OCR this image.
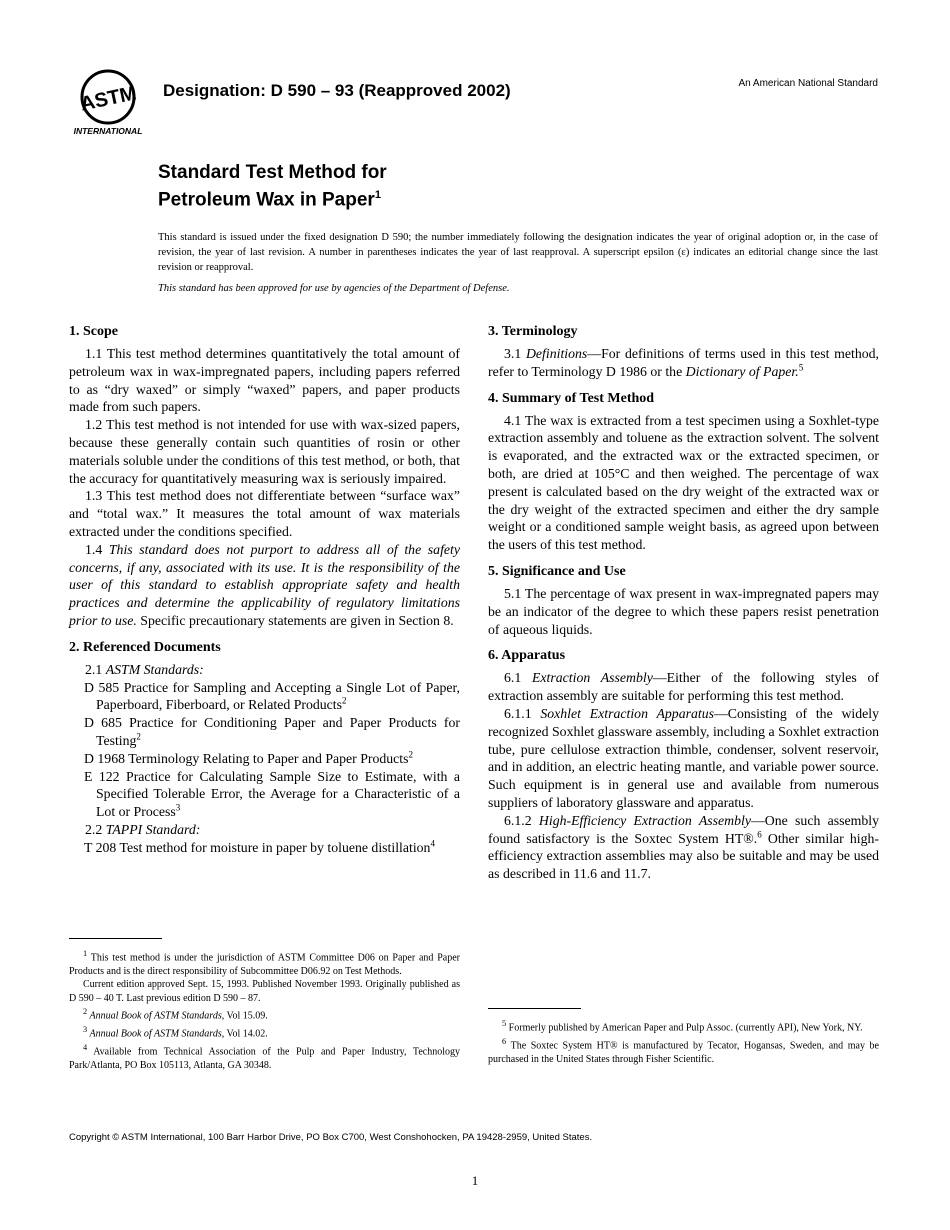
ASTM
INTERNATIONAL
Designation: D 590 – 93 (Reapproved 2002)	An American National Standard
Standard Test Method for
Petroleum Wax in Paper$^1$

This standard is issued under the fixed designation D 590; the number immediately following the designation indicates the year of original adoption or, in the case of revision, the year of last revision. A number in parentheses indicates the year of last reapproval. A superscript epsilon (ε) indicates an editorial change since the last revision or reapproval.

This standard has been approved for use by agencies of the Department of Defense.

1. Scope

1.1 This test method determines quantitatively the total amount of petroleum wax in wax-impregnated papers, including papers referred to as “dry waxed” or simply “waxed” papers, and paper products made from such papers.

1.2 This test method is not intended for use with wax-sized papers, because these generally contain such quantities of rosin or other materials soluble under the conditions of this test method, or both, that the accuracy for quantitatively measuring wax is seriously impaired.

1.3 This test method does not differentiate between “surface wax” and “total wax.” It measures the total amount of wax materials extracted under the conditions specified.

1.4 This standard does not purport to address all of the safety concerns, if any, associated with its use. It is the responsibility of the user of this standard to establish appropriate safety and health practices and determine the applicability of regulatory limitations prior to use. Specific precautionary statements are given in Section 8.

2. Referenced Documents

2.1 ASTM Standards:

D 585 Practice for Sampling and Accepting a Single Lot of Paper, Paperboard, Fiberboard, or Related Products$^2$

D 685 Practice for Conditioning Paper and Paper Products for Testing$^2$

D 1968 Terminology Relating to Paper and Paper Products$^2$

E 122 Practice for Calculating Sample Size to Estimate, with a Specified Tolerable Error, the Average for a Characteristic of a Lot or Process$^3$

2.2 TAPPI Standard:

T 208 Test method for moisture in paper by toluene distillation$^4$

3. Terminology

3.1 Definitions—For definitions of terms used in this test method, refer to Terminology D 1986 or the Dictionary of Paper.$^5$

4. Summary of Test Method

4.1 The wax is extracted from a test specimen using a Soxhlet-type extraction assembly and toluene as the extraction solvent. The solvent is evaporated, and the extracted wax or the extracted specimen, or both, are dried at 105°C and then weighed. The percentage of wax present is calculated based on the dry weight of the extracted wax or the dry weight of the extracted specimen and either the dry sample weight or a conditioned sample weight basis, as agreed upon between the users of this test method.

5. Significance and Use

5.1 The percentage of wax present in wax-impregnated papers may be an indicator of the degree to which these papers resist penetration of aqueous liquids.

6. Apparatus

6.1 Extraction Assembly—Either of the following styles of extraction assembly are suitable for performing this test method.

6.1.1 Soxhlet Extraction Apparatus—Consisting of the widely recognized Soxhlet glassware assembly, including a Soxhlet extraction tube, pure cellulose extraction thimble, condenser, solvent reservoir, and in addition, an electric heating mantle, and variable power source. Such equipment is in general use and available from numerous suppliers of laboratory glassware and apparatus.

6.1.2 High-Efficiency Extraction Assembly—One such assembly found satisfactory is the Soxtec System HT®.$^6$ Other similar high-efficiency extraction assemblies may also be suitable and may be used as described in 11.6 and 11.7.

$^1$ This test method is under the jurisdiction of ASTM Committee D06 on Paper and Paper Products and is the direct responsibility of Subcommittee D06.92 on Test Methods.

Current edition approved Sept. 15, 1993. Published November 1993. Originally published as D 590 – 40 T. Last previous edition D 590 – 87.

$^2$ Annual Book of ASTM Standards, Vol 15.09.

$^3$ Annual Book of ASTM Standards, Vol 14.02.

$^4$ Available from Technical Association of the Pulp and Paper Industry, Technology Park/Atlanta, PO Box 105113, Atlanta, GA 30348.

$^5$ Formerly published by American Paper and Pulp Assoc. (currently API), New York, NY.

$^6$ The Soxtec System HT® is manufactured by Tecator, Hogansas, Sweden, and may be purchased in the United States through Fisher Scientific.

Copyright © ASTM International, 100 Barr Harbor Drive, PO Box C700, West Conshohocken, PA 19428-2959, United States.
1
